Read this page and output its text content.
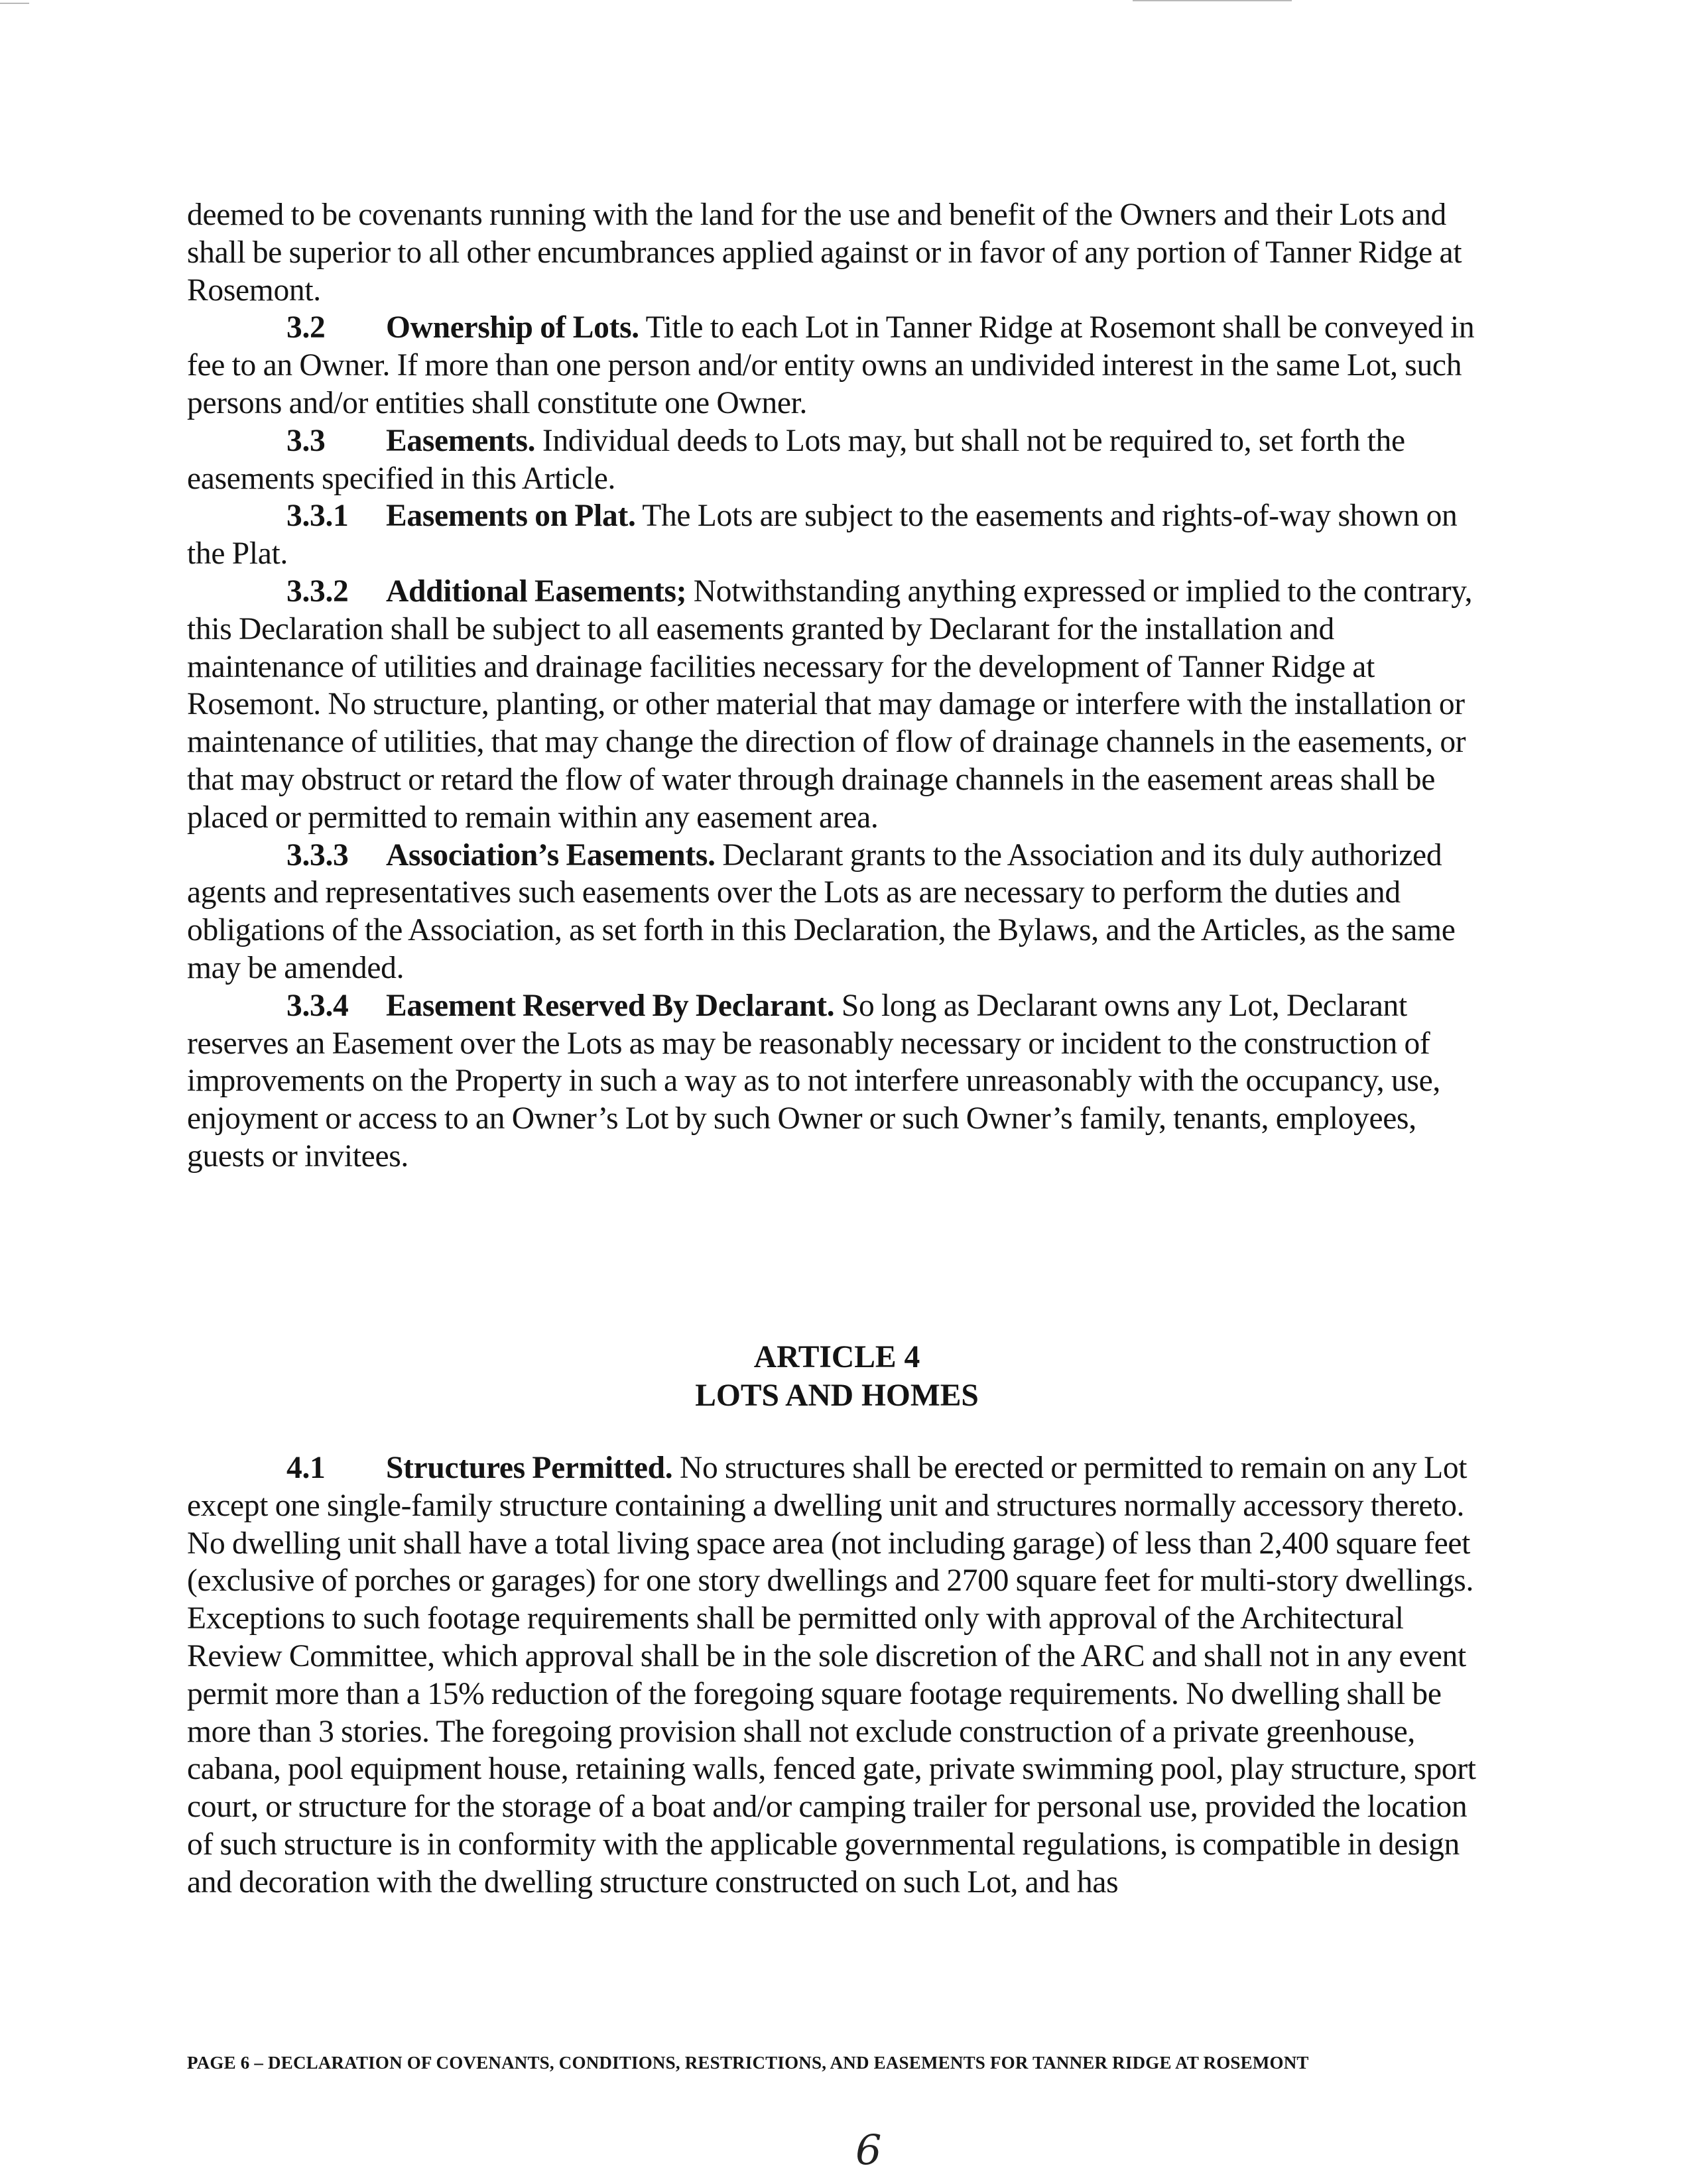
deemed to be covenants running with the land for the use and benefit of the Owners and their Lots and shall be superior to all other encumbrances applied against or in favor of any portion of Tanner Ridge at Rosemont.

3.2 Ownership of Lots. Title to each Lot in Tanner Ridge at Rosemont shall be conveyed in fee to an Owner. If more than one person and/or entity owns an undivided interest in the same Lot, such persons and/or entities shall constitute one Owner.

3.3 Easements. Individual deeds to Lots may, but shall not be required to, set forth the easements specified in this Article.

3.3.1 Easements on Plat. The Lots are subject to the easements and rights-of-way shown on the Plat.

3.3.2 Additional Easements; Notwithstanding anything expressed or implied to the contrary, this Declaration shall be subject to all easements granted by Declarant for the installation and maintenance of utilities and drainage facilities necessary for the development of Tanner Ridge at Rosemont. No structure, planting, or other material that may damage or interfere with the installation or maintenance of utilities, that may change the direction of flow of drainage channels in the easements, or that may obstruct or retard the flow of water through drainage channels in the easement areas shall be placed or permitted to remain within any easement area.

3.3.3 Association’s Easements. Declarant grants to the Association and its duly authorized agents and representatives such easements over the Lots as are necessary to perform the duties and obligations of the Association, as set forth in this Declaration, the Bylaws, and the Articles, as the same may be amended.

3.3.4 Easement Reserved By Declarant. So long as Declarant owns any Lot, Declarant reserves an Easement over the Lots as may be reasonably necessary or incident to the construction of improvements on the Property in such a way as to not interfere unreasonably with the occupancy, use, enjoyment or access to an Owner’s Lot by such Owner or such Owner’s family, tenants, employees, guests or invitees.

ARTICLE 4
LOTS AND HOMES

4.1 Structures Permitted. No structures shall be erected or permitted to remain on any Lot except one single-family structure containing a dwelling unit and structures normally accessory thereto. No dwelling unit shall have a total living space area (not including garage) of less than 2,400 square feet (exclusive of porches or garages) for one story dwellings and 2700 square feet for multi-story dwellings. Exceptions to such footage requirements shall be permitted only with approval of the Architectural Review Committee, which approval shall be in the sole discretion of the ARC and shall not in any event permit more than a 15% reduction of the foregoing square footage requirements. No dwelling shall be more than 3 stories. The foregoing provision shall not exclude construction of a private greenhouse, cabana, pool equipment house, retaining walls, fenced gate, private swimming pool, play structure, sport court, or structure for the storage of a boat and/or camping trailer for personal use, provided the location of such structure is in conformity with the applicable governmental regulations, is compatible in design and decoration with the dwelling structure constructed on such Lot, and has

PAGE 6 – DECLARATION OF COVENANTS, CONDITIONS, RESTRICTIONS, AND EASEMENTS FOR TANNER RIDGE AT ROSEMONT
6
